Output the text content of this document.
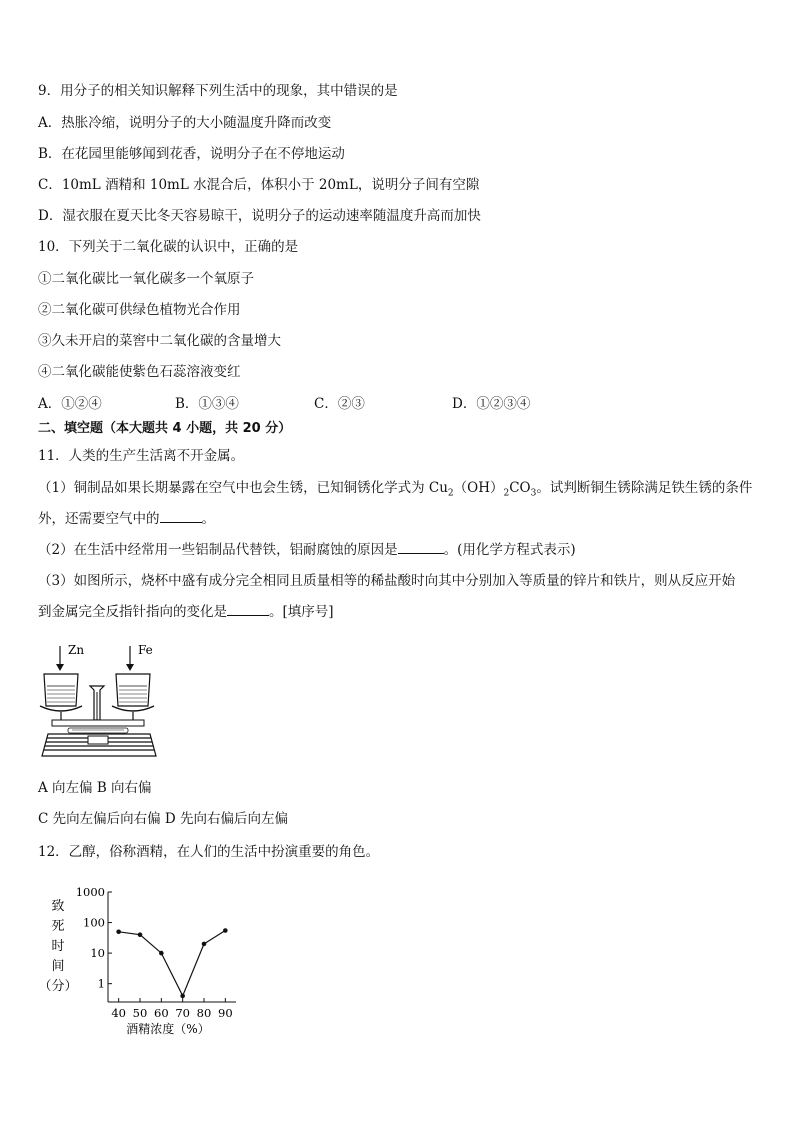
9．用分子的相关知识解释下列生活中的现象，其中错误的是
A．热胀冷缩，说明分子的大小随温度升降而改变
B．在花园里能够闻到花香，说明分子在不停地运动
C．10mL 酒精和 10mL 水混合后，体积小于 20mL，说明分子间有空隙
D．湿衣服在夏天比冬天容易晾干，说明分子的运动速率随温度升高而加快
10．下列关于二氧化碳的认识中，正确的是
①二氧化碳比一氧化碳多一个氧原子
②二氧化碳可供绿色植物光合作用
③久未开启的菜窖中二氧化碳的含量增大
④二氧化碳能使紫色石蕊溶液变红
A．①②④	B．①③④	C．②③	D．①②③④
二、填空题（本大题共 4 小题，共 20 分）
11．人类的生产生活离不开金属。
（1）铜制品如果长期暴露在空气中也会生锈，已知铜锈化学式为 $Cu_2(OH)_2CO_3$。试判断铜生锈除满足铁生锈的条件
外，还需要空气中的	。
（2）在生活中经常用一些铝制品代替铁，铝耐腐蚀的原因是	。(用化学方程式表示)
（3）如图所示，烧杯中盛有成分完全相同且质量相等的稀盐酸时向其中分别加入等质量的锌片和铁片，则从反应开始
到金属完全反指针指向的变化是	。[填序号]
Zn	Fe
A 向左偏 B 向右偏
C 先向左偏后向右偏 D 先向右偏后向左偏
12．乙醇，俗称酒精，在人们的生活中扮演重要的角色。
致
死
时
间
（分）
1000
100
10
1
40 50 60 70 80 90
酒精浓度（%）
